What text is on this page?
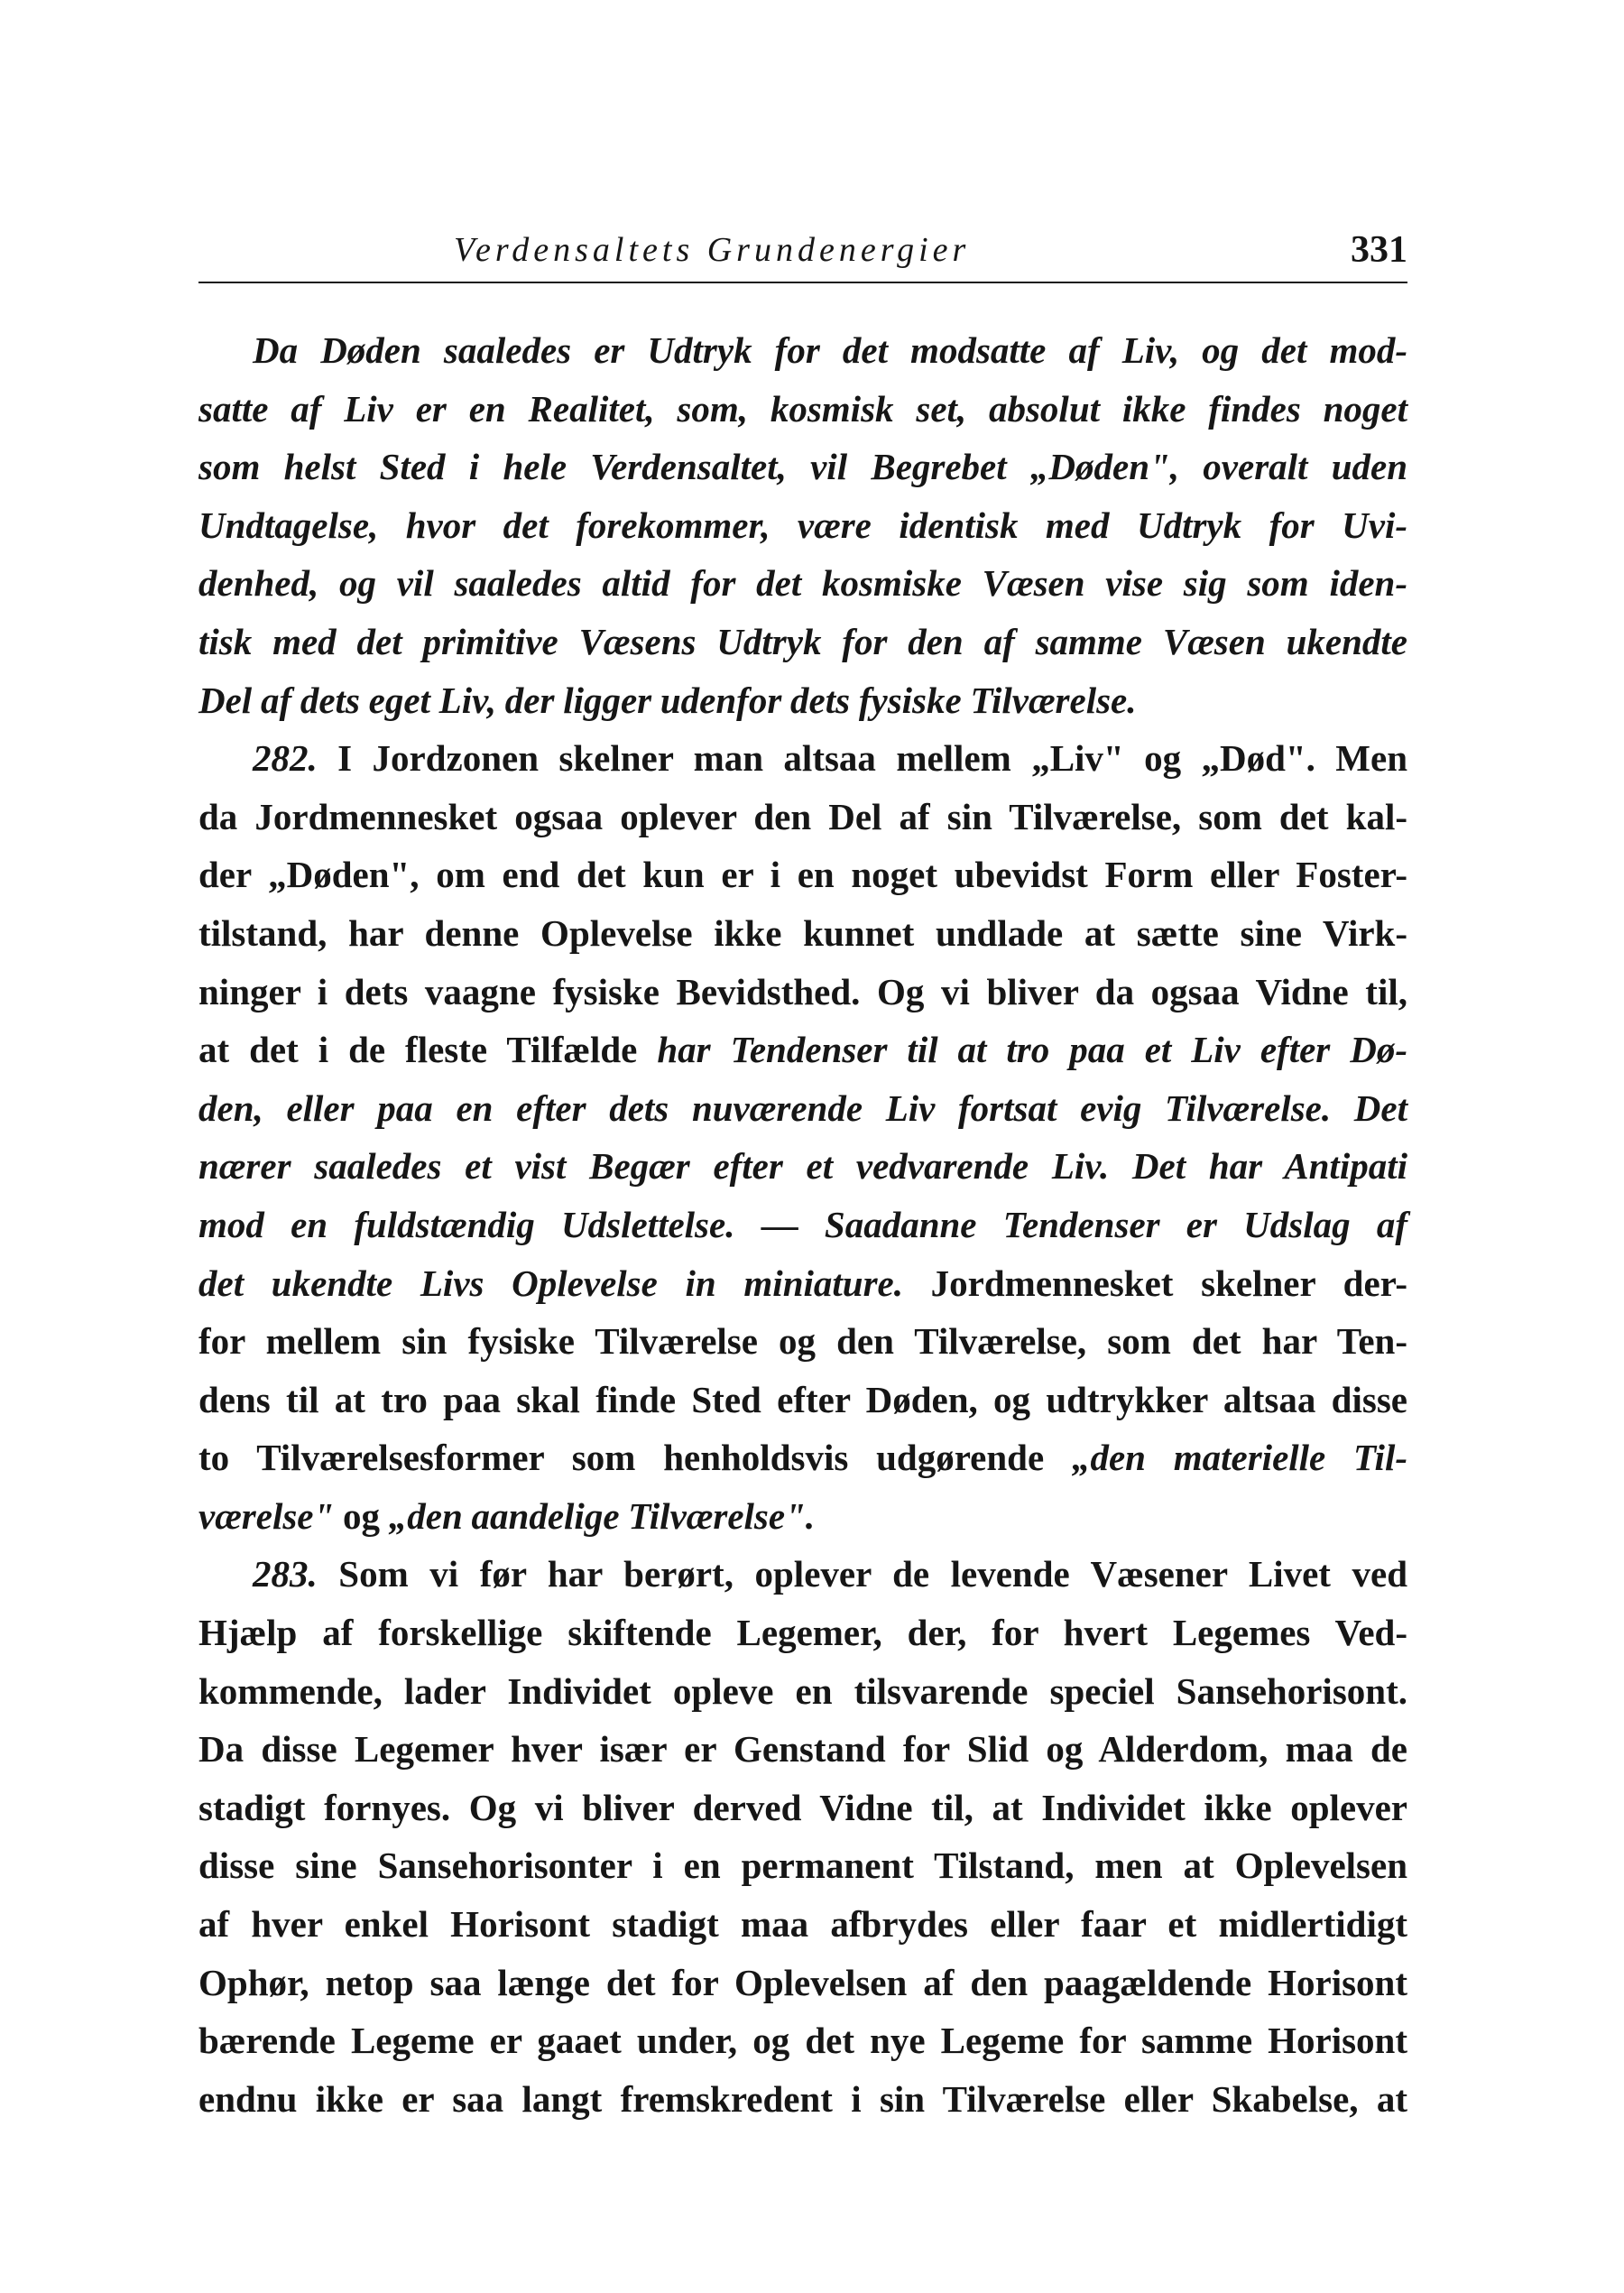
Verdensaltets Grundenergier	331
Da Døden saaledes er Udtryk for det modsatte af Liv, og det mod-
satte af Liv er en Realitet, som, kosmisk set, absolut ikke findes noget
som helst Sted i hele Verdensaltet, vil Begrebet „Døden", overalt uden
Undtagelse, hvor det forekommer, være identisk med Udtryk for Uvi-
denhed, og vil saaledes altid for det kosmiske Væsen vise sig som iden-
tisk med det primitive Væsens Udtryk for den af samme Væsen ukendte
Del af dets eget Liv, der ligger udenfor dets fysiske Tilværelse.
282. I Jordzonen skelner man altsaa mellem „Liv" og „Død". Men
da Jordmennesket ogsaa oplever den Del af sin Tilværelse, som det kal-
der „Døden", om end det kun er i en noget ubevidst Form eller Foster-
tilstand, har denne Oplevelse ikke kunnet undlade at sætte sine Virk-
ninger i dets vaagne fysiske Bevidsthed. Og vi bliver da ogsaa Vidne til,
at det i de fleste Tilfælde har Tendenser til at tro paa et Liv efter Dø-
den, eller paa en efter dets nuværende Liv fortsat evig Tilværelse. Det
nærer saaledes et vist Begær efter et vedvarende Liv. Det har Antipati
mod en fuldstændig Udslettelse. — Saadanne Tendenser er Udslag af
det ukendte Livs Oplevelse in miniature. Jordmennesket skelner der-
for mellem sin fysiske Tilværelse og den Tilværelse, som det har Ten-
dens til at tro paa skal finde Sted efter Døden, og udtrykker altsaa disse
to Tilværelsesformer som henholdsvis udgørende „den materielle Til-
værelse" og „den aandelige Tilværelse".
283. Som vi før har berørt, oplever de levende Væsener Livet ved
Hjælp af forskellige skiftende Legemer, der, for hvert Legemes Ved-
kommende, lader Individet opleve en tilsvarende speciel Sansehorisont.
Da disse Legemer hver især er Genstand for Slid og Alderdom, maa de
stadigt fornyes. Og vi bliver derved Vidne til, at Individet ikke oplever
disse sine Sansehorisonter i en permanent Tilstand, men at Oplevelsen
af hver enkel Horisont stadigt maa afbrydes eller faar et midlertidigt
Ophør, netop saa længe det for Oplevelsen af den paagældende Horisont
bærende Legeme er gaaet under, og det nye Legeme for samme Horisont
endnu ikke er saa langt fremskredent i sin Tilværelse eller Skabelse, at
